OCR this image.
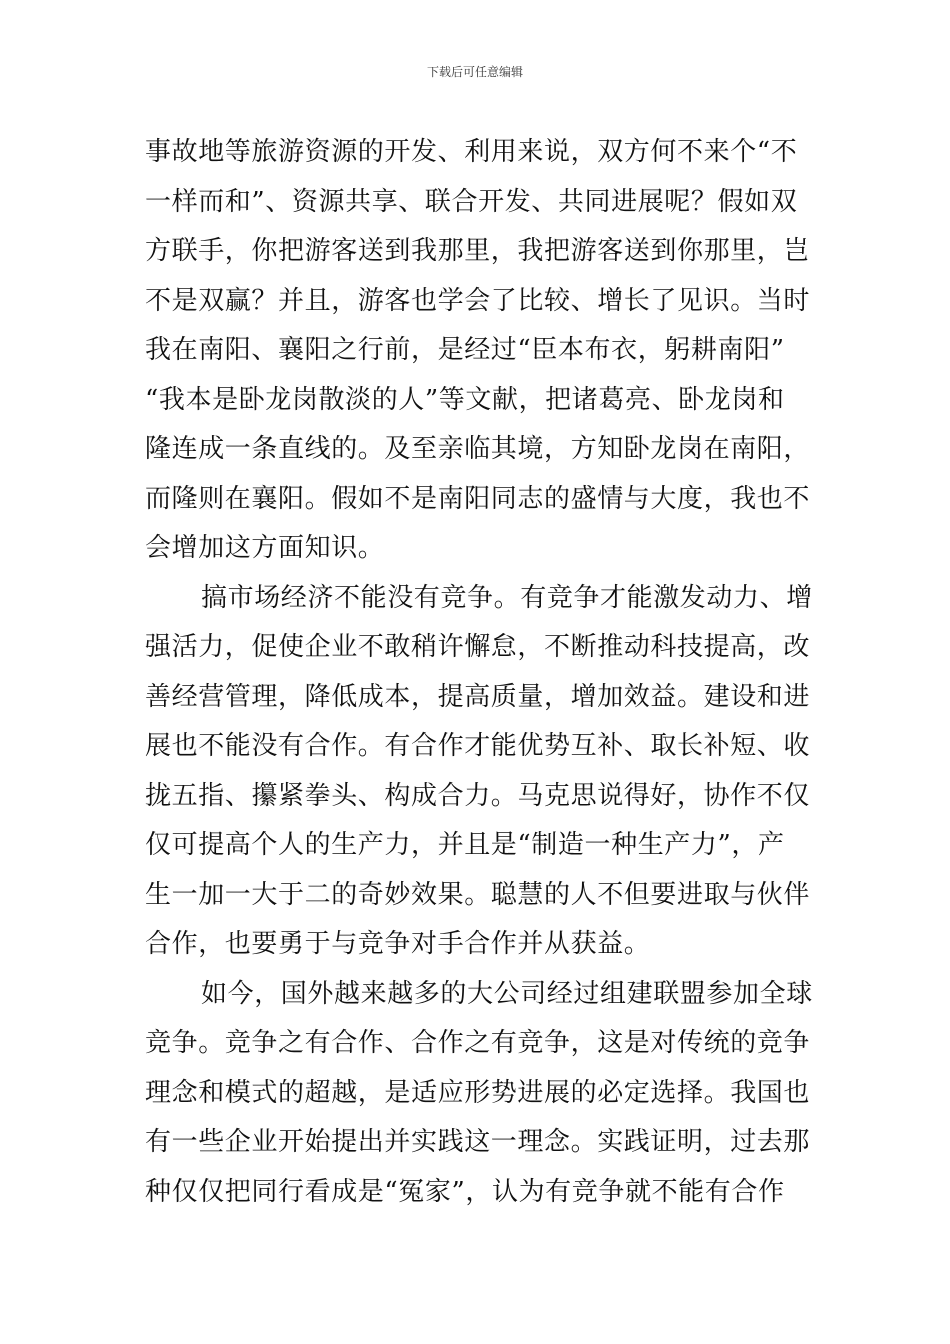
下载后可任意编辑
事故地等旅游资源的开发、利用来说，双方何不来个“不
一样而和”、资源共享、联合开发、共同进展呢？假如双
方联手，你把游客送到我那里，我把游客送到你那里，岂
不是双赢？并且，游客也学会了比较、增长了见识。当时
我在南阳、襄阳之行前，是经过“臣本布衣，躬耕南阳”
“我本是卧龙岗散淡的人”等文献，把诸葛亮、卧龙岗和
隆连成一条直线的。及至亲临其境，方知卧龙岗在南阳，
而隆则在襄阳。假如不是南阳同志的盛情与大度，我也不
会增加这方面知识。
搞市场经济不能没有竞争。有竞争才能激发动力、增
强活力，促使企业不敢稍许懈怠，不断推动科技提高，改
善经营管理，降低成本，提高质量，增加效益。建设和进
展也不能没有合作。有合作才能优势互补、取长补短、收
拢五指、攥紧拳头、构成合力。马克思说得好，协作不仅
仅可提高个人的生产力，并且是“制造一种生产力”，产
生一加一大于二的奇妙效果。聪慧的人不但要进取与伙伴
合作，也要勇于与竞争对手合作并从获益。
如今，国外越来越多的大公司经过组建联盟参加全球
竞争。竞争之有合作、合作之有竞争，这是对传统的竞争
理念和模式的超越，是适应形势进展的必定选择。我国也
有一些企业开始提出并实践这一理念。实践证明，过去那
种仅仅把同行看成是“冤家”，认为有竞争就不能有合作
